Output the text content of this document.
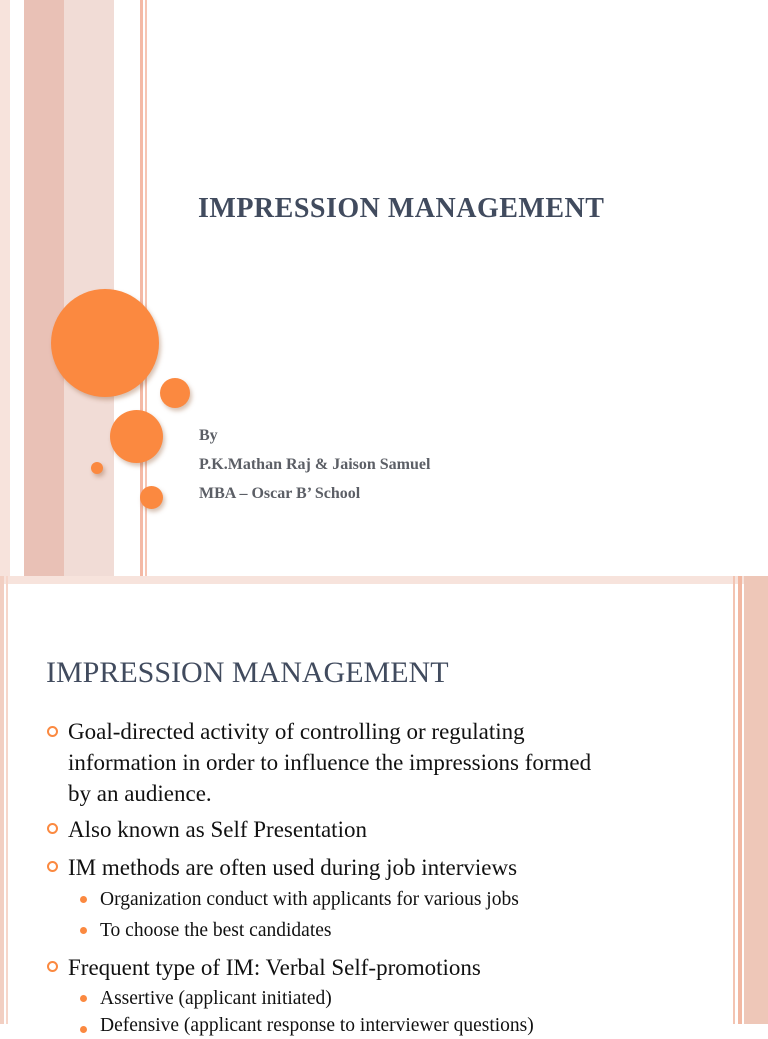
IMPRESSION MANAGEMENT
By
P.K.Mathan Raj & Jaison Samuel
MBA – Oscar B’ School
IMPRESSION MANAGEMENT
Goal-directed activity of controlling or regulating
information in order to influence the impressions formed
by an audience.
Also known as Self Presentation
IM methods are often used during job interviews
Organization conduct with applicants for various jobs
To choose the best candidates
Frequent type of IM: Verbal Self-promotions
Assertive (applicant initiated)
Defensive (applicant response to interviewer questions)
